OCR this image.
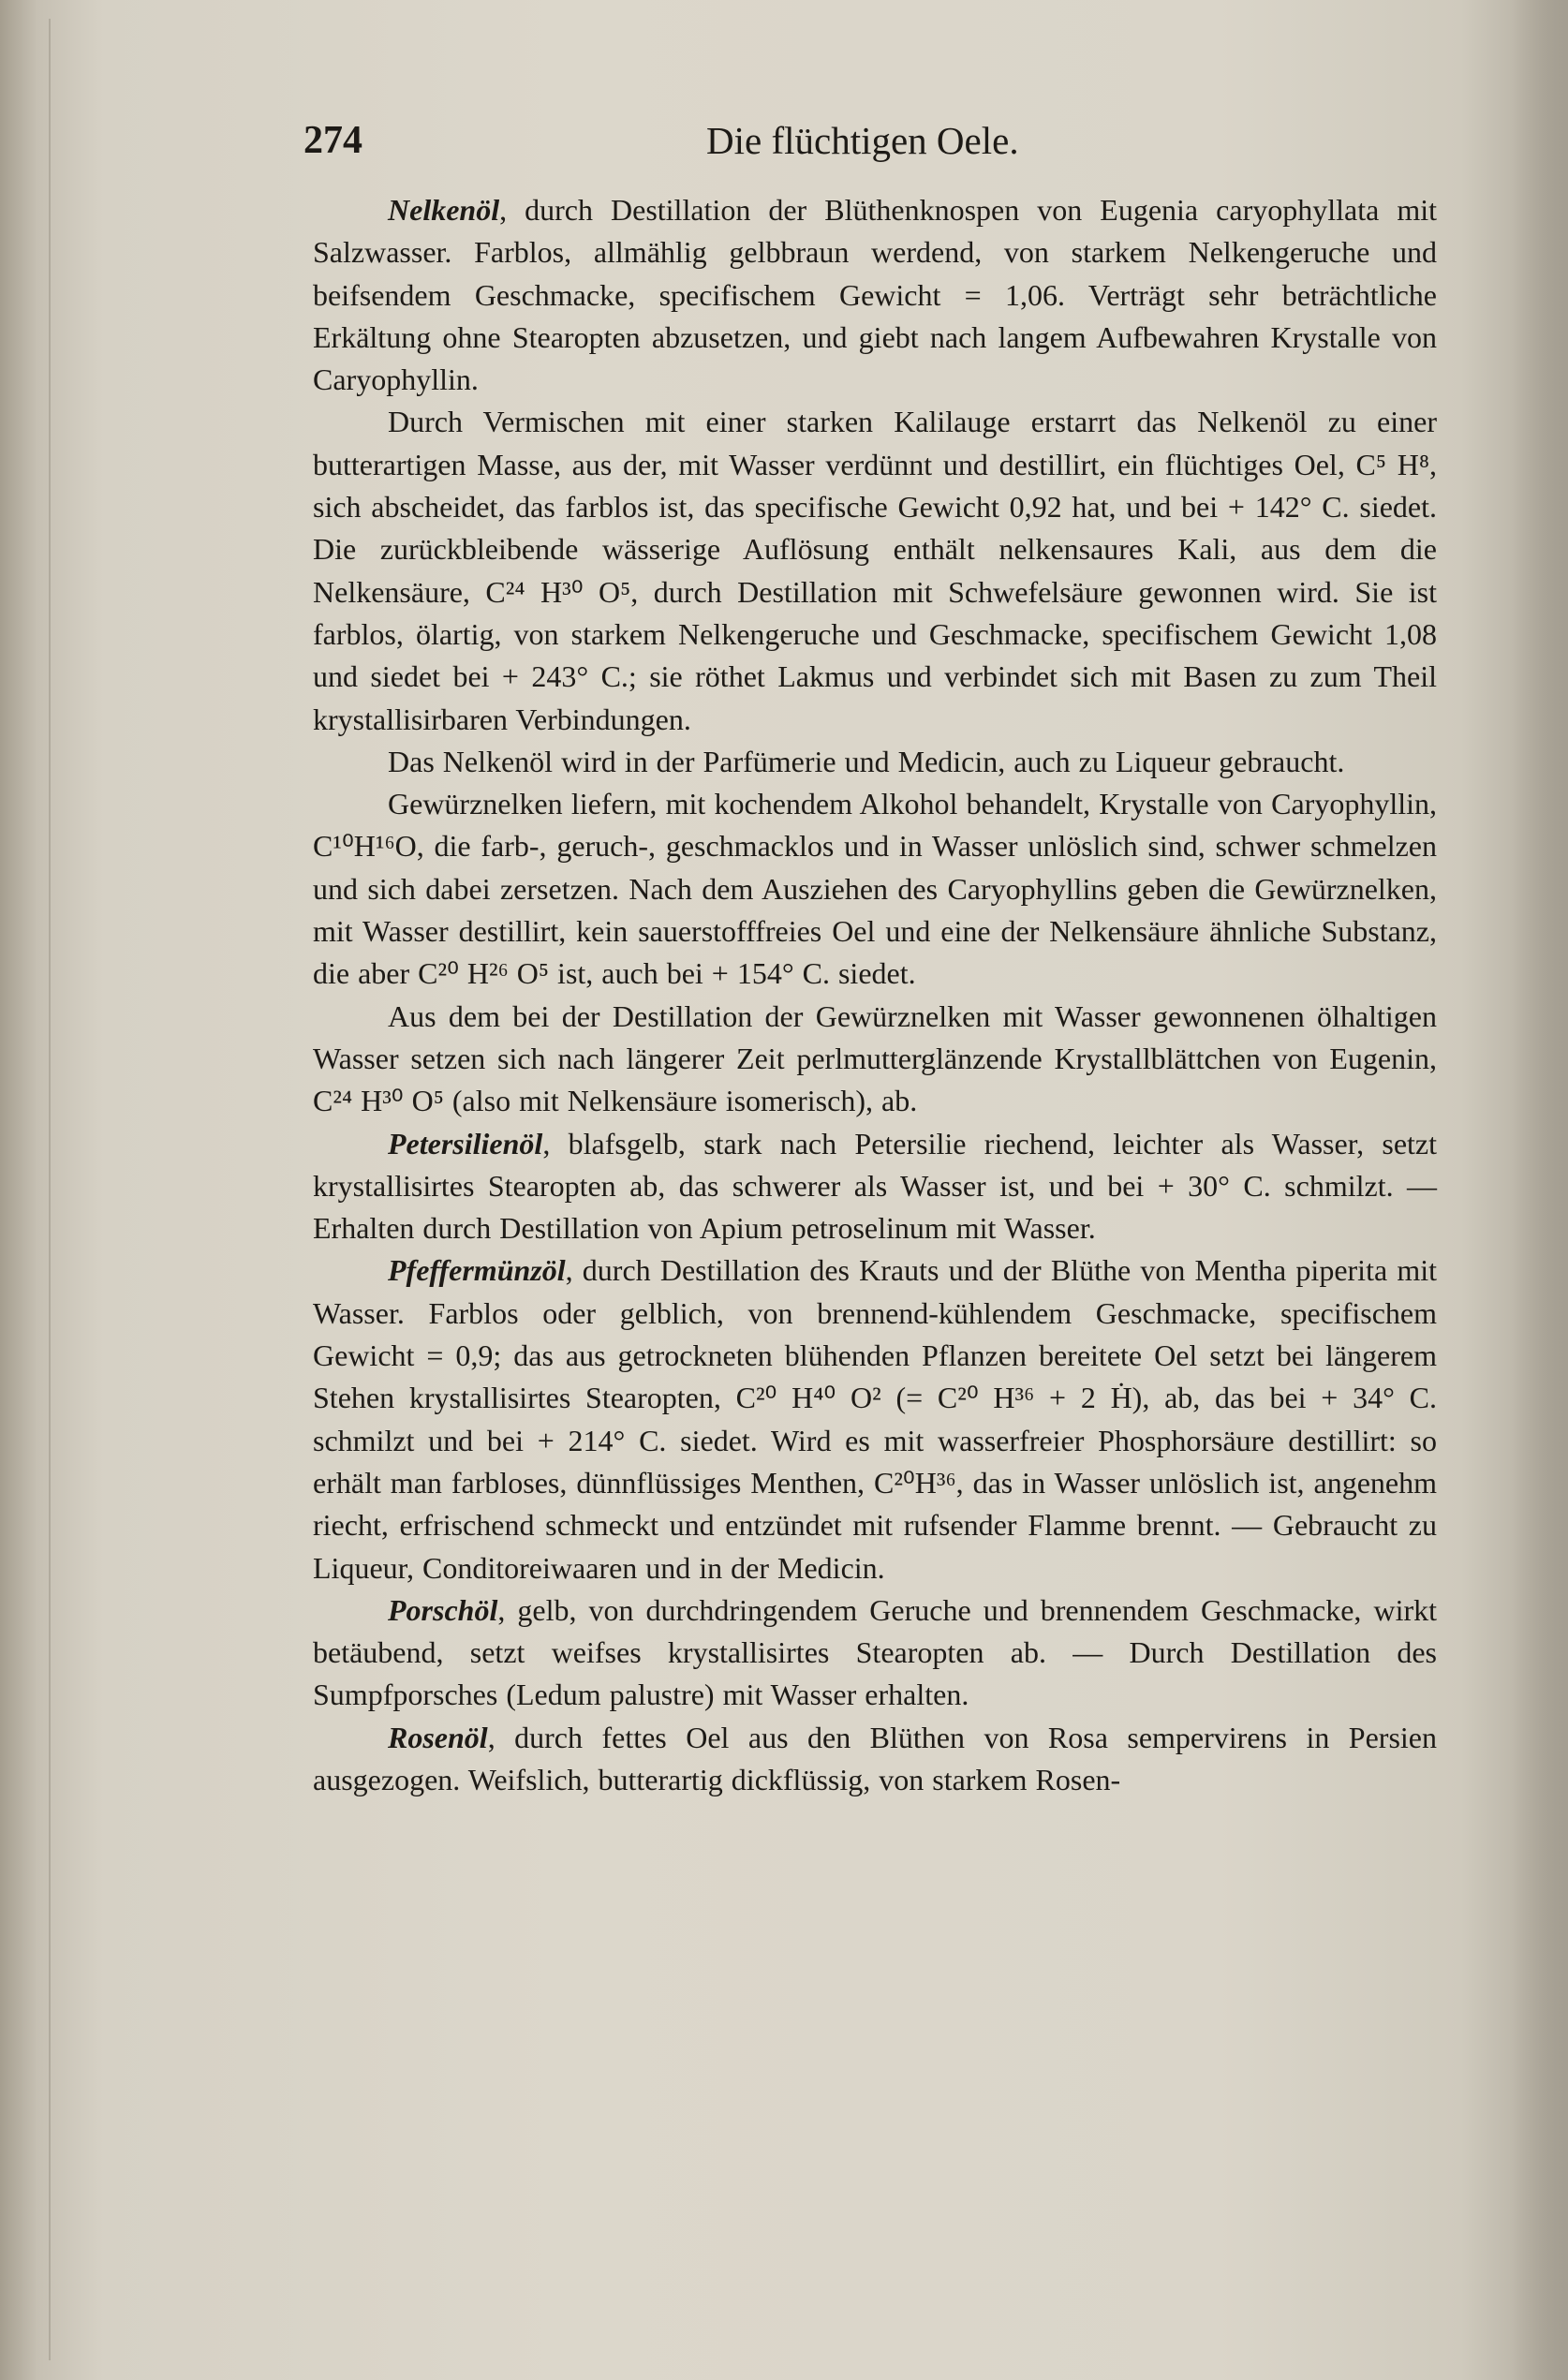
274	Die flüchtigen Oele.

Nelkenöl, durch Destillation der Blüthenknospen von Eugenia caryophyllata mit Salzwasser. Farblos, allmählig gelbbraun werdend, von starkem Nelkengeruche und beifsendem Geschmacke, specifischem Gewicht = 1,06. Verträgt sehr beträchtliche Erkältung ohne Stearopten abzusetzen, und giebt nach langem Aufbewahren Krystalle von Caryophyllin.

Durch Vermischen mit einer starken Kalilauge erstarrt das Nelkenöl zu einer butterartigen Masse, aus der, mit Wasser verdünnt und destillirt, ein flüchtiges Oel, C⁵ H⁸, sich abscheidet, das farblos ist, das specifische Gewicht 0,92 hat, und bei + 142° C. siedet. Die zurückbleibende wässerige Auflösung enthält nelkensaures Kali, aus dem die Nelkensäure, C²⁴ H³⁰ O⁵, durch Destillation mit Schwefelsäure gewonnen wird. Sie ist farblos, ölartig, von starkem Nelkengeruche und Geschmacke, specifischem Gewicht 1,08 und siedet bei + 243° C.; sie röthet Lakmus und verbindet sich mit Basen zu zum Theil krystallisirbaren Verbindungen.

Das Nelkenöl wird in der Parfümerie und Medicin, auch zu Liqueur gebraucht.

Gewürznelken liefern, mit kochendem Alkohol behandelt, Krystalle von Caryophyllin, C¹⁰H¹⁶O, die farb-, geruch-, geschmacklos und in Wasser unlöslich sind, schwer schmelzen und sich dabei zersetzen. Nach dem Ausziehen des Caryophyllins geben die Gewürznelken, mit Wasser destillirt, kein sauerstofffreies Oel und eine der Nelkensäure ähnliche Substanz, die aber C²⁰ H²⁶ O⁵ ist, auch bei + 154° C. siedet.

Aus dem bei der Destillation der Gewürznelken mit Wasser gewonnenen ölhaltigen Wasser setzen sich nach längerer Zeit perlmutterglänzende Krystallblättchen von Eugenin, C²⁴ H³⁰ O⁵ (also mit Nelkensäure isomerisch), ab.

Petersilienöl, blafsgelb, stark nach Petersilie riechend, leichter als Wasser, setzt krystallisirtes Stearopten ab, das schwerer als Wasser ist, und bei + 30° C. schmilzt. — Erhalten durch Destillation von Apium petroselinum mit Wasser.

Pfeffermünzöl, durch Destillation des Krauts und der Blüthe von Mentha piperita mit Wasser. Farblos oder gelblich, von brennend-kühlendem Geschmacke, specifischem Gewicht = 0,9; das aus getrockneten blühenden Pflanzen bereitete Oel setzt bei längerem Stehen krystallisirtes Stearopten, C²⁰ H⁴⁰ O² (= C²⁰ H³⁶ + 2 Ḣ), ab, das bei + 34° C. schmilzt und bei + 214° C. siedet. Wird es mit wasserfreier Phosphorsäure destillirt: so erhält man farbloses, dünnflüssiges Menthen, C²⁰H³⁶, das in Wasser unlöslich ist, angenehm riecht, erfrischend schmeckt und entzündet mit rufsender Flamme brennt. — Gebraucht zu Liqueur, Conditoreiwaaren und in der Medicin.

Porschöl, gelb, von durchdringendem Geruche und brennendem Geschmacke, wirkt betäubend, setzt weifses krystallisirtes Stearopten ab. — Durch Destillation des Sumpfporsches (Ledum palustre) mit Wasser erhalten.

Rosenöl, durch fettes Oel aus den Blüthen von Rosa sempervirens in Persien ausgezogen. Weifslich, butterartig dickflüssig, von starkem Rosen-
